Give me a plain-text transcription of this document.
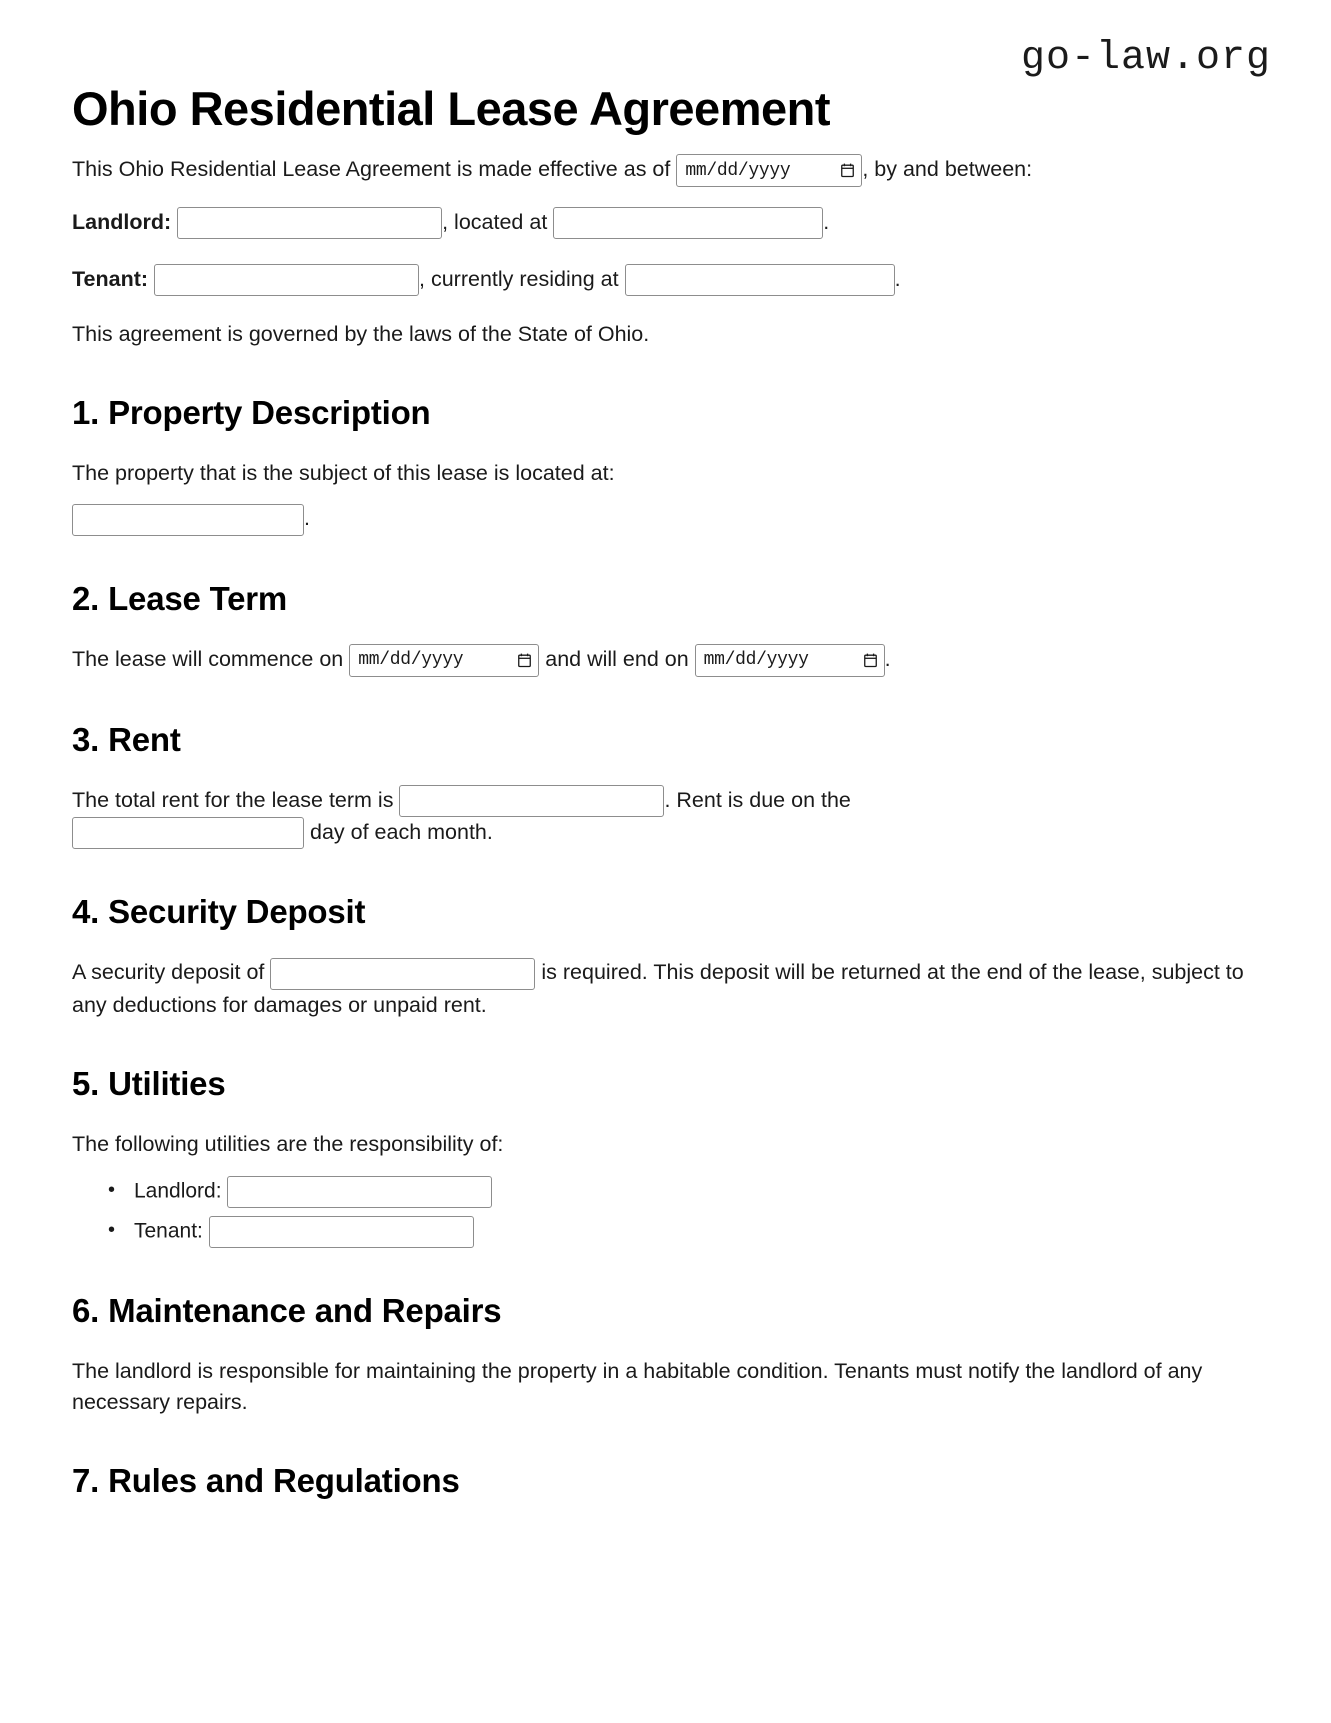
go-law.org
Ohio Residential Lease Agreement

This Ohio Residential Lease Agreement is made effective as of mm/dd/yyyy	, by and between:

Landlord:	, located at	.

Tenant:	, currently residing at	.

This agreement is governed by the laws of the State of Ohio.

1. Property Description

The property that is the subject of this lease is located at:

.

2. Lease Term

The lease will commence on mm/dd/yyyy	and will end on mm/dd/yyyy	.

3. Rent

The total rent for the lease term is	. Rent is due on the
day of each month.

4. Security Deposit

A security deposit of	is required. This deposit will be returned at the end of the lease, subject to any deductions for damages or unpaid rent.

5. Utilities

The following utilities are the responsibility of:

• Landlord:
• Tenant:
6. Maintenance and Repairs

The landlord is responsible for maintaining the property in a habitable condition. Tenants must notify the landlord of any necessary repairs.

7. Rules and Regulations
